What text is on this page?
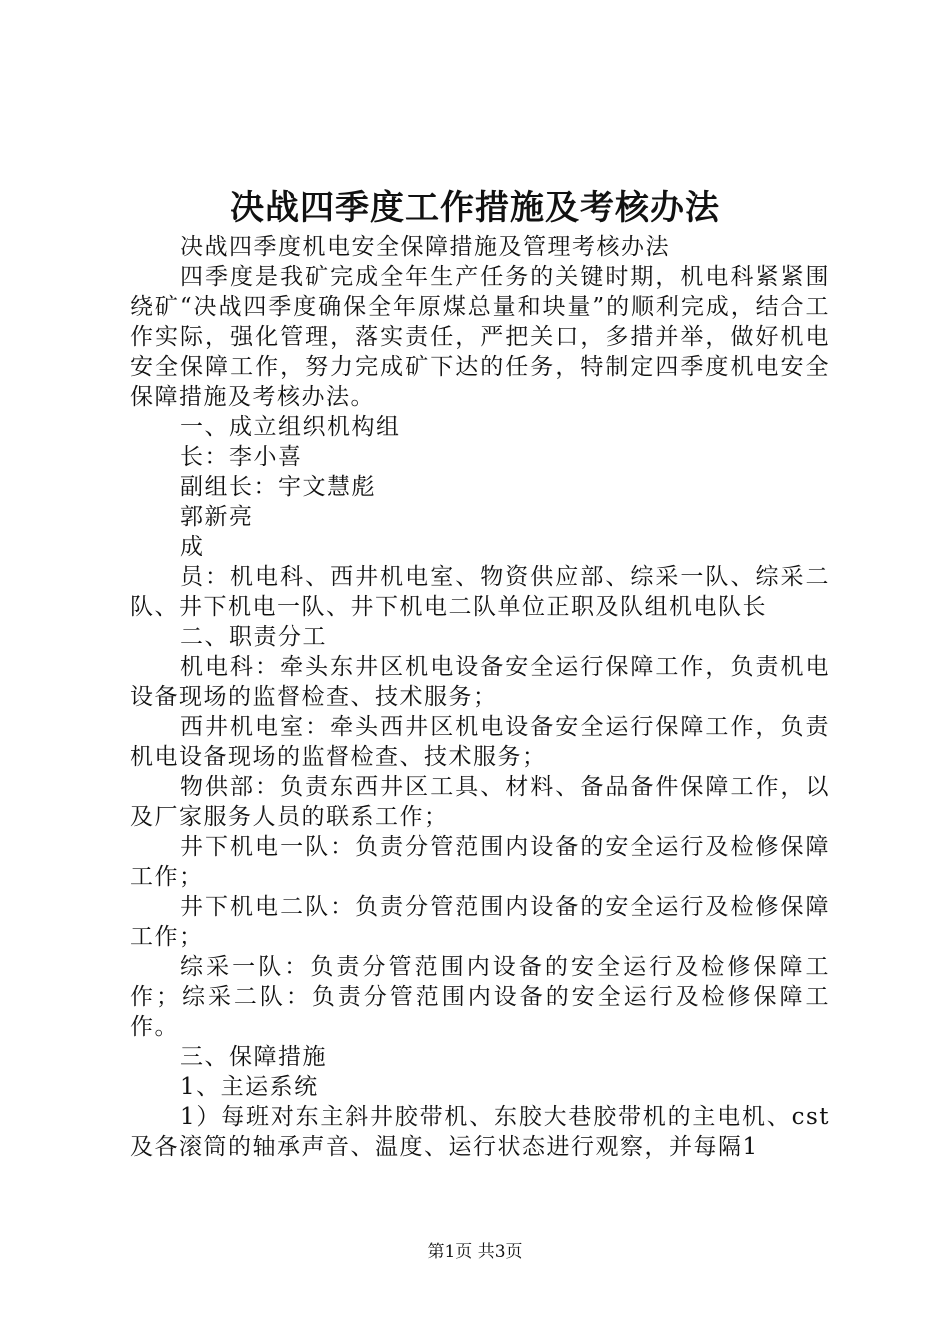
决战四季度工作措施及考核办法

决战四季度机电安全保障措施及管理考核办法

四季度是我矿完成全年生产任务的关键时期，机电科紧紧围绕矿“决战四季度确保全年原煤总量和块量”的顺利完成，结合工作实际，强化管理，落实责任，严把关口，多措并举，做好机电安全保障工作，努力完成矿下达的任务，特制定四季度机电安全保障措施及考核办法。

一、成立组织机构组

长：李小喜

副组长：宇文慧彪

郭新亮

成

员：机电科、西井机电室、物资供应部、综采一队、综采二队、井下机电一队、井下机电二队单位正职及队组机电队长

二、职责分工

机电科：牵头东井区机电设备安全运行保障工作，负责机电设备现场的监督检查、技术服务；

西井机电室：牵头西井区机电设备安全运行保障工作，负责机电设备现场的监督检查、技术服务；

物供部：负责东西井区工具、材料、备品备件保障工作，以及厂家服务人员的联系工作；

井下机电一队：负责分管范围内设备的安全运行及检修保障工作；

井下机电二队：负责分管范围内设备的安全运行及检修保障工作；

综采一队：负责分管范围内设备的安全运行及检修保障工作；综采二队：负责分管范围内设备的安全运行及检修保障工作。

三、保障措施

1、主运系统

1）每班对东主斜井胶带机、东胶大巷胶带机的主电机、cst及各滚筒的轴承声音、温度、运行状态进行观察，并每隔1

第1页 共3页
